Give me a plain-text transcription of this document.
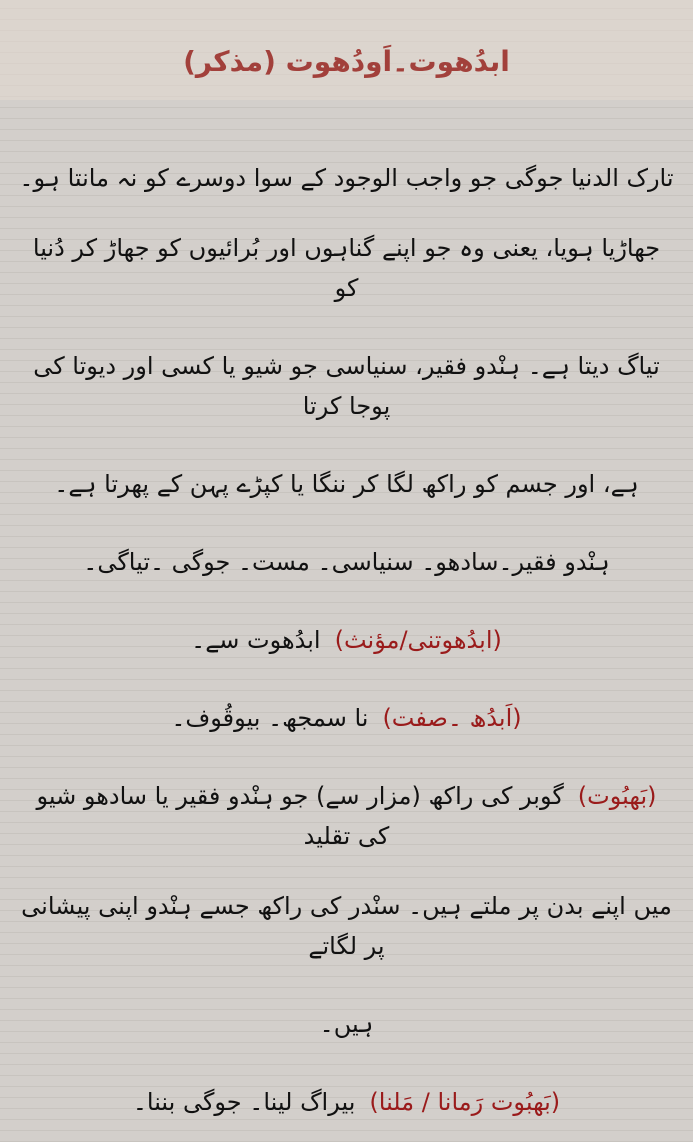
ابدُھوت۔اَودُھوت (مذکر)
تارک الدنیا جوگی جو واجب الوجود کے سوا دوسرے کو نہ مانتا ہو۔
جھاڑیا ہویا، یعنی وہ جو اپنے گناہوں اور بُرائیوں کو جھاڑ کر دُنیا کو
تیاگ دیتا ہے۔ ہنْدو فقیر، سنیاسی جو شیو یا کسی اور دیوتا کی پوجا کرتا
ہے، اور جسم کو راکھ لگا کر ننگا یا کپڑے پہن کے پھرتا ہے۔
ہنْدو فقیر۔سادھو۔ سنیاسی۔ مست۔ جوگی ۔تیاگی۔
(ابدُھوتنی/مؤنث)ابدُھوت سے۔
(اَبدُھ ۔صفت)نا سمجھ۔ بیوقُوف۔
(بَھبُوت)گوبر کی راکھ (مزار سے) جو ہنْدو فقیر یا سادھو شیو کی تقلید
میں اپنے بدن پر ملتے ہیں۔ سنْدر کی راکھ جسے ہنْدو اپنی پیشانی پر لگاتے
ہیں۔
(بَھبُوت رَمانا / مَلنا)بیراگ لینا۔ جوگی بننا۔
